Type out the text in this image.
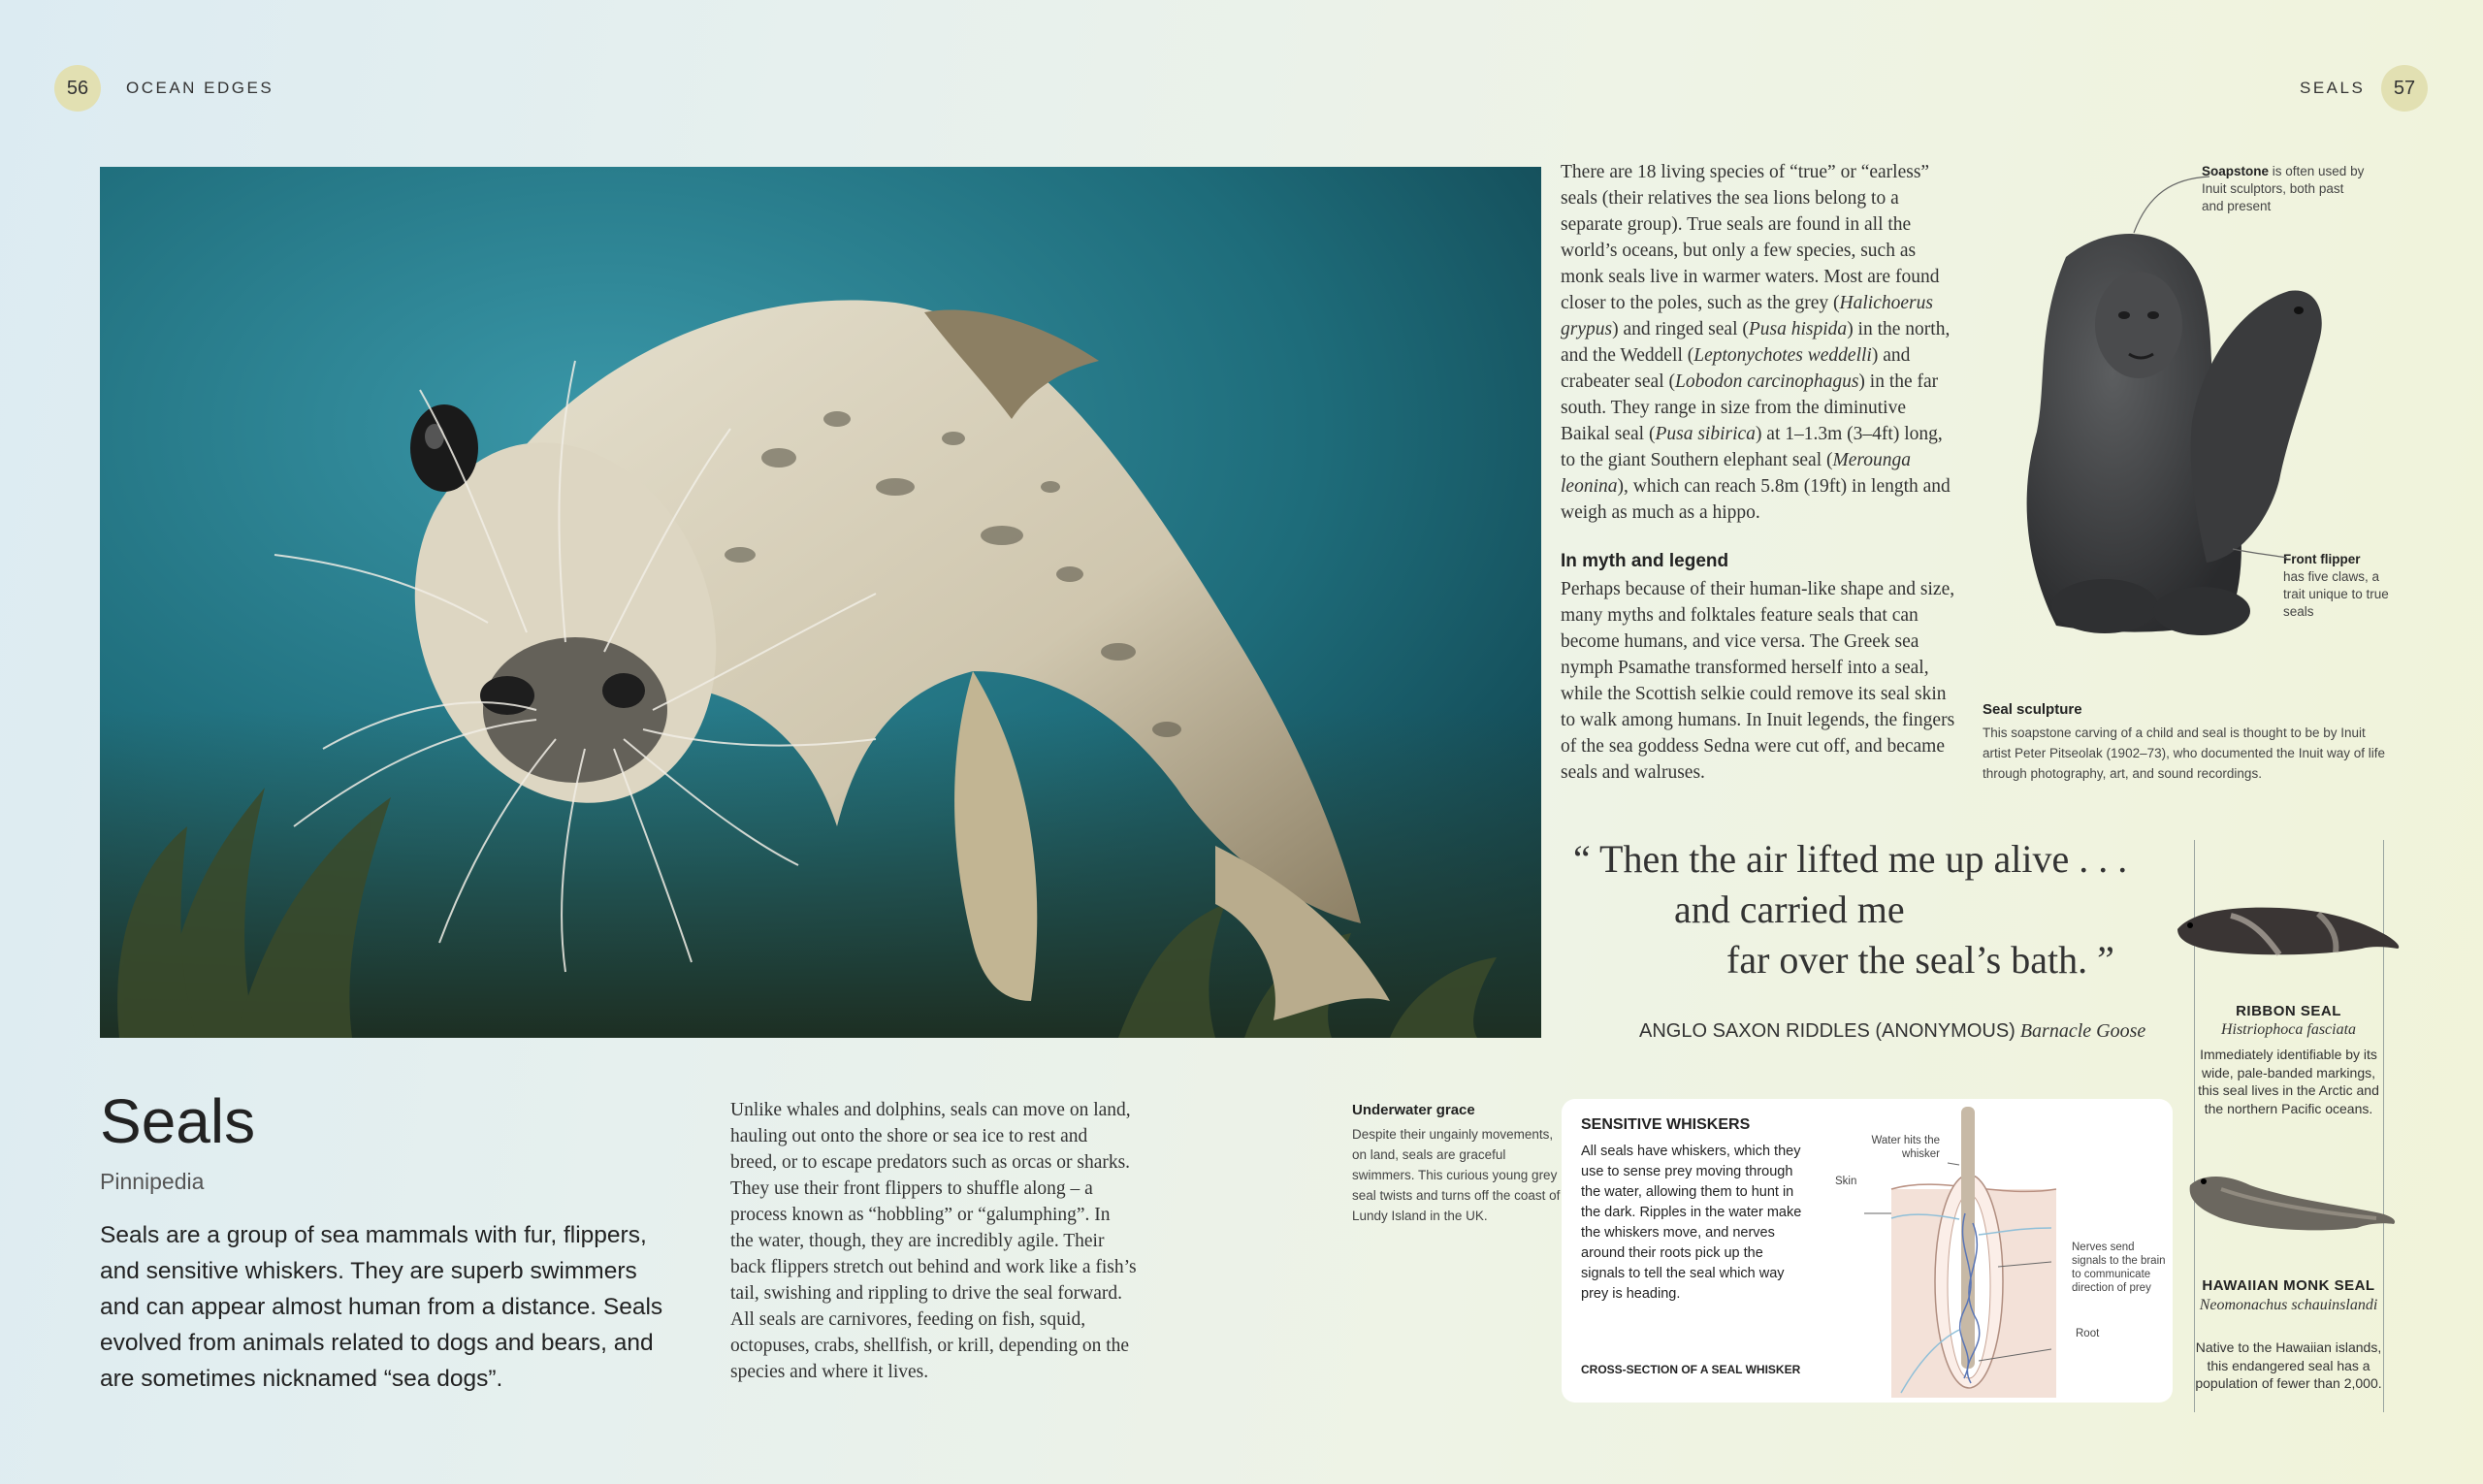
56	OCEAN EDGES	SEALS	57
Seals
Pinnipedia
Seals are a group of sea mammals with fur, flippers, and sensitive whiskers. They are superb swimmers and can appear almost human from a distance. Seals evolved from animals related to dogs and bears, and are sometimes nicknamed “sea dogs”.
Unlike whales and dolphins, seals can move on land, hauling out onto the shore or sea ice to rest and breed, or to escape predators such as orcas or sharks. They use their front flippers to shuffle along – a process known as “hobbling” or “galumphing”. In the water, though, they are incredibly agile. Their back flippers stretch out behind and work like a fish’s tail, swishing and rippling to drive the seal forward. All seals are carnivores, feeding on fish, squid, octopuses, crabs, shellfish, or krill, depending on the species and where it lives.
Underwater grace
Despite their ungainly movements, on land, seals are graceful swimmers. This curious young grey seal twists and turns off the coast of Lundy Island in the UK.
There are 18 living species of “true” or “earless” seals (their relatives the sea lions belong to a separate group). True seals are found in all the world’s oceans, but only a few species, such as monk seals live in warmer waters. Most are found closer to the poles, such as the grey (Halichoerus grypus) and ringed seal (Pusa hispida) in the north, and the Weddell (Leptonychotes weddelli) and crabeater seal (Lobodon carcinophagus) in the far south. They range in size from the diminutive Baikal seal (Pusa sibirica) at 1–1.3m (3–4ft) long, to the giant Southern elephant seal (Merounga leonina), which can reach 5.8m (19ft) in length and weigh as much as a hippo.
In myth and legend
Perhaps because of their human-like shape and size, many myths and folktales feature seals that can become humans, and vice versa. The Greek sea nymph Psamathe transformed herself into a seal, while the Scottish selkie could remove its seal skin to walk among humans. In Inuit legends, the fingers of the sea goddess Sedna were cut off, and became seals and walruses.
Soapstone is often used by Inuit sculptors, both past and present
Front flipper
has five claws, a trait unique to true seals
Seal sculpture
This soapstone carving of a child and seal is thought to be by Inuit artist Peter Pitseolak (1902–73), who documented the Inuit way of life through photography, art, and sound recordings.
“ Then the air lifted me up alive . . .
and carried me
far over the seal’s bath. ”
ANGLO SAXON RIDDLES (ANONYMOUS) Barnacle Goose
SENSITIVE WHISKERS
All seals have whiskers, which they use to sense prey moving through the water, allowing them to hunt in the dark. Ripples in the water make the whiskers move, and nerves around their roots pick up the signals to tell the seal which way prey is heading.
CROSS-SECTION OF A SEAL WHISKER
Water hits the whisker
Skin
Nerves send signals to the brain to communicate direction of prey
Root
RIBBON SEAL
Histriophoca fasciata
Immediately identifiable by its wide, pale-banded markings, this seal lives in the Arctic and the northern Pacific oceans.
HAWAIIAN MONK SEAL
Neomonachus schauinslandi
Native to the Hawaiian islands, this endangered seal has a population of fewer than 2,000.
